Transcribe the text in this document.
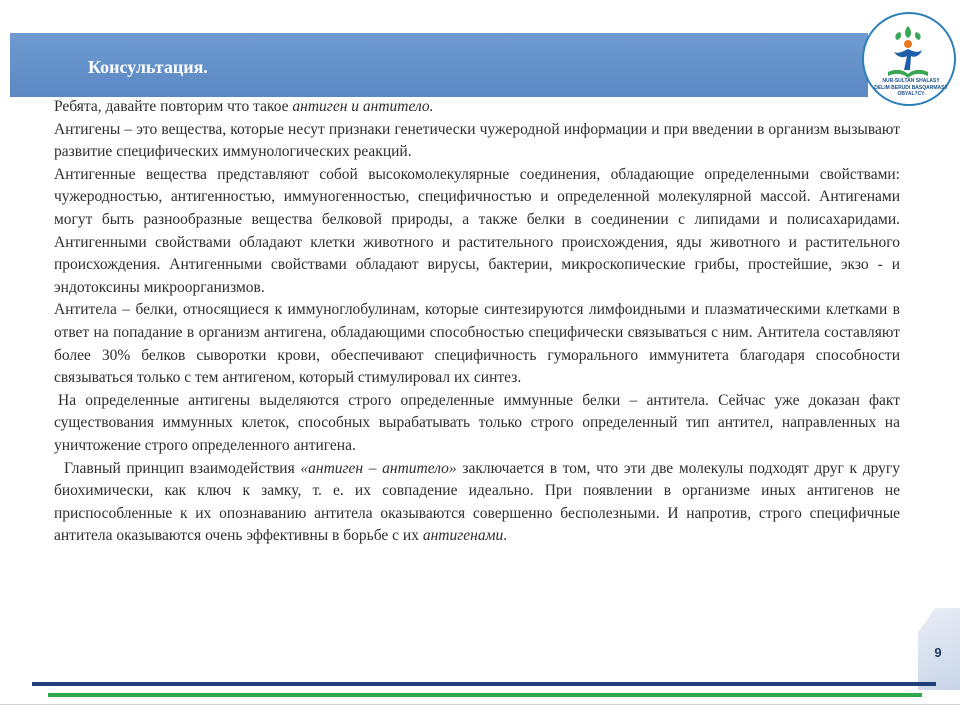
Консультация.
NUR-SULTAN SHALASY
DELIM BERUDI BASQARMASY OBYAL?CY

Ребята, давайте повторим что такое антиген и антитело.

Антигены – это вещества, которые несут признаки генетически чужеродной информации и при введении в организм вызывают развитие специфических иммунологических реакций.

Антигенные вещества представляют собой высокомолекулярные соединения, обладающие определенными свойствами: чужеродностью, антигенностью, иммуногенностью, специфичностью и определенной молекулярной массой. Антигенами могут быть разнообразные вещества белковой природы, а также белки в соединении с липидами и полисахаридами. Антигенными свойствами обладают клетки животного и растительного происхождения, яды животного и растительного происхождения. Антигенными свойствами обладают вирусы, бактерии, микроскопические грибы, простейшие, экзо - и эндотоксины микроорганизмов.

Антитела – белки, относящиеся к иммуноглобулинам, которые синтезируются лимфоидными и плазматическими клетками в ответ на попадание в организм антигена, обладающими способностью специфически связываться с ним. Антитела составляют более 30% белков сыворотки крови, обеспечивают специфичность гуморального иммунитета благодаря способности связываться только с тем антигеном, который стимулировал их синтез.

На определенные антигены выделяются строго определенные иммунные белки – антитела. Сейчас уже доказан факт существования иммунных клеток, способных вырабатывать только строго определенный тип антител, направленных на уничтожение строго определенного антигена.

Главный принцип взаимодействия «антиген – антитело» заключается в том, что эти две молекулы подходят друг к другу биохимически, как ключ к замку, т. е. их совпадение идеально. При появлении в организме иных антигенов не приспособленные к их опознаванию антитела оказываются совершенно бесполезными. И напротив, строго специфичные антитела оказываются очень эффективны в борьбе с их антигенами.

9
